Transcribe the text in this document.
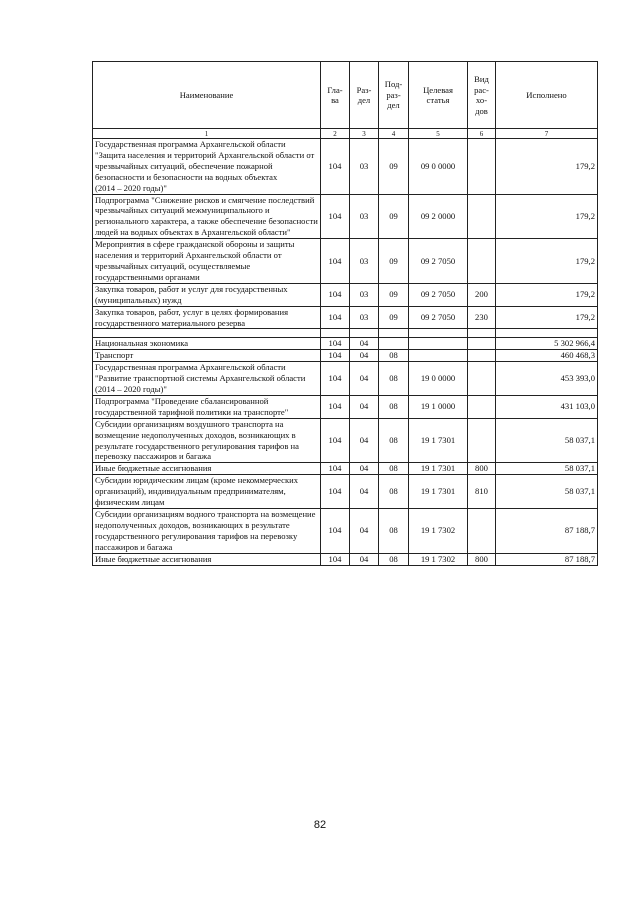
Наименование	Гла-
ва	Раз-
дел	Под-
раз-
дел	Целевая
статья	Вид
рас-
хо-
дов	Исполнено
1	2	3	4	5	6	7
Государственная программа Архангельской области "Защита населения и территорий Архангельской области от чрезвычайных ситуаций, обеспечение пожарной безопасности и безопасности на водных объектах
(2014 – 2020 годы)"	104	03	09	09 0 0000		179,2
Подпрограмма "Снижение рисков и смягчение последствий чрезвычайных ситуаций межмуниципального и регионального характера, а также обеспечение безопасности людей на водных объектах в Архангельской области"	104	03	09	09 2 0000		179,2
Мероприятия в сфере гражданской обороны и защиты населения и территорий Архангельской области от чрезвычайных ситуаций, осуществляемые государственными органами	104	03	09	09 2 7050		179,2
Закупка товаров, работ и услуг для государственных (муниципальных) нужд	104	03	09	09 2 7050	200	179,2
Закупка товаров, работ, услуг в целях формирования государственного материального резерва	104	03	09	09 2 7050	230	179,2

Национальная экономика	104	04				5 302 966,4
Транспорт	104	04	08			460 468,3
Государственная программа Архангельской области "Развитие транспортной системы Архангельской области (2014 – 2020 годы)"	104	04	08	19 0 0000		453 393,0
Подпрограмма "Проведение сбалансированной государственной тарифной политики на транспорте"	104	04	08	19 1 0000		431 103,0
Субсидии организациям воздушного транспорта на возмещение недополученных доходов, возникающих в результате государственного регулирования тарифов на перевозку пассажиров и багажа	104	04	08	19 1 7301		58 037,1
Иные бюджетные ассигнования	104	04	08	19 1 7301	800	58 037,1
Субсидии юридическим лицам (кроме некоммерческих организаций), индивидуальным предпринимателям, физическим лицам	104	04	08	19 1 7301	810	58 037,1
Субсидии организациям водного транспорта на возмещение недополученных доходов, возникающих в результате государственного регулирования тарифов на перевозку пассажиров и багажа	104	04	08	19 1 7302		87 188,7
Иные бюджетные ассигнования	104	04	08	19 1 7302	800	87 188,7
82
